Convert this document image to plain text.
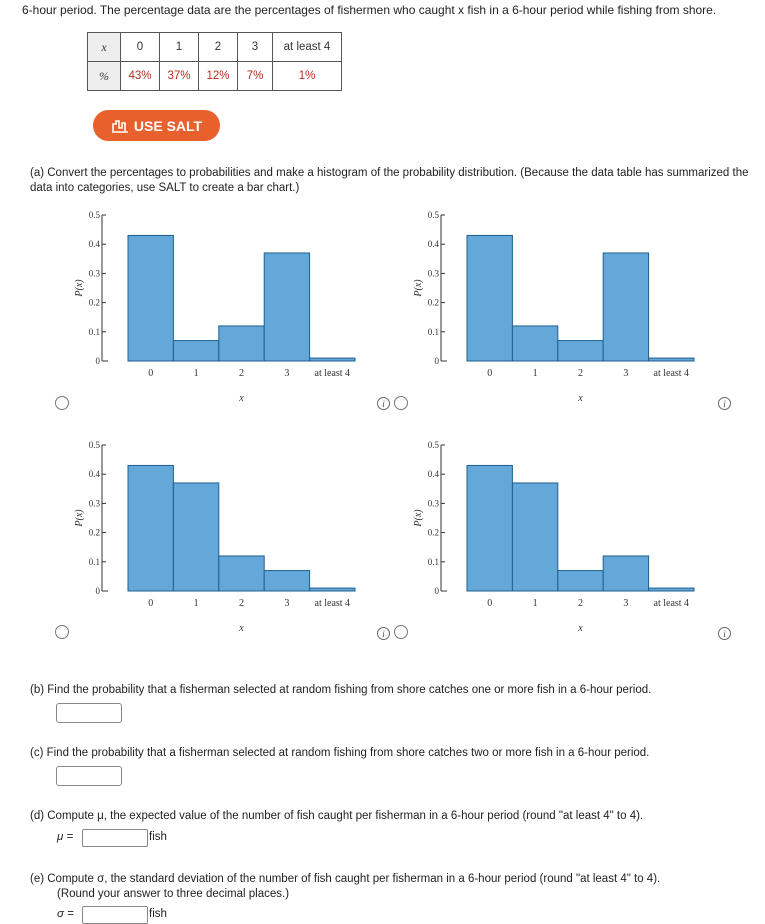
6-hour period. The percentage data are the percentages of fishermen who caught x fish in a 6-hour period while fishing from shore.
x	0	1	2	3	at least 4
%	43%	37%	12%	7%	1%
USE SALT
(a) Convert the percentages to probabilities and make a histogram of the probability distribution. (Because the data table has summarized the data into categories, use SALT to create a bar chart.)
0
0.1
0.2
0.3
0.4
0.5
P(x)
0	1	2	3	at least 4
x
0
0.1
0.2
0.3
0.4
0.5
P(x)
0	1	2	3	at least 4
x
0
0.1
0.2
0.3
0.4
0.5
P(x)
0	1	2	3	at least 4
x
0
0.1
0.2
0.3
0.4
0.5
P(x)
0	1	2	3	at least 4
x
i	i
i	i
(b) Find the probability that a fisherman selected at random fishing from shore catches one or more fish in a 6-hour period.
(c) Find the probability that a fisherman selected at random fishing from shore catches two or more fish in a 6-hour period.
(d) Compute μ, the expected value of the number of fish caught per fisherman in a 6-hour period (round "at least 4" to 4).
μ =	fish
(e) Compute σ, the standard deviation of the number of fish caught per fisherman in a 6-hour period (round "at least 4" to 4).
(Round your answer to three decimal places.)
σ =	fish
